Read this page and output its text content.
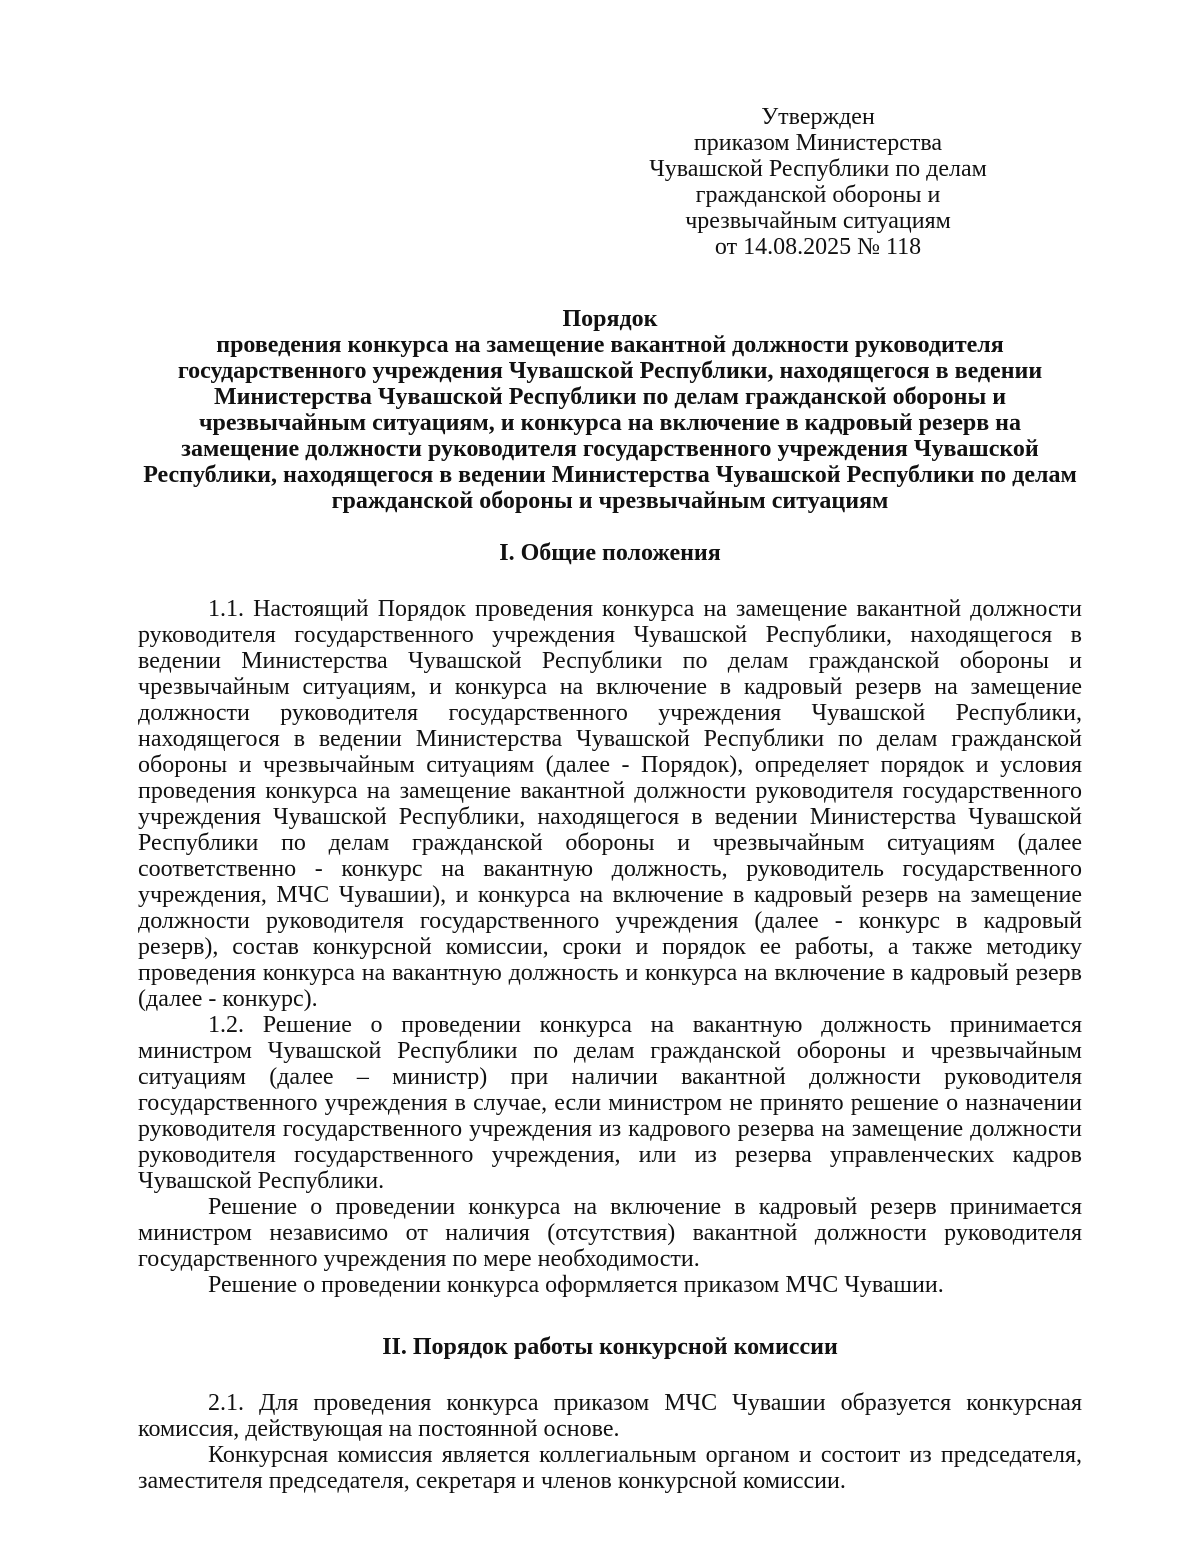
Утвержден
приказом Министерства
Чувашской Республики по делам
гражданской обороны и
чрезвычайным ситуациям
от 14.08.2025 № 118
Порядок
проведения конкурса на замещение вакантной должности руководителя государственного учреждения Чувашской Республики, находящегося в ведении Министерства Чувашской Республики по делам гражданской обороны и чрезвычайным ситуациям, и конкурса на включение в кадровый резерв на замещение должности руководителя государственного учреждения Чувашской Республики, находящегося в ведении Министерства Чувашской Республики по делам гражданской обороны и чрезвычайным ситуациям
I. Общие положения

1.1. Настоящий Порядок проведения конкурса на замещение вакантной должности руководителя государственного учреждения Чувашской Республики, находящегося в ведении Министерства Чувашской Республики по делам гражданской обороны и чрезвычайным ситуациям, и конкурса на включение в кадровый резерв на замещение должности руководителя государственного учреждения Чувашской Республики, находящегося в ведении Министерства Чувашской Республики по делам гражданской обороны и чрезвычайным ситуациям (далее - Порядок), определяет порядок и условия проведения конкурса на замещение вакантной должности руководителя государственного учреждения Чувашской Республики, находящегося в ведении Министерства Чувашской Республики по делам гражданской обороны и чрезвычайным ситуациям (далее соответственно - конкурс на вакантную должность, руководитель государственного учреждения, МЧС Чувашии), и конкурса на включение в кадровый резерв на замещение должности руководителя государственного учреждения (далее - конкурс в кадровый резерв), состав конкурсной комиссии, сроки и порядок ее работы, а также методику проведения конкурса на вакантную должность и конкурса на включение в кадровый резерв (далее - конкурс).

1.2. Решение о проведении конкурса на вакантную должность принимается министром Чувашской Республики по делам гражданской обороны и чрезвычайным ситуациям (далее – министр) при наличии вакантной должности руководителя государственного учреждения в случае, если министром не принято решение о назначении руководителя государственного учреждения из кадрового резерва на замещение должности руководителя государственного учреждения, или из резерва управленческих кадров Чувашской Республики.

Решение о проведении конкурса на включение в кадровый резерв принимается министром независимо от наличия (отсутствия) вакантной должности руководителя государственного учреждения по мере необходимости.

Решение о проведении конкурса оформляется приказом МЧС Чувашии.

II. Порядок работы конкурсной комиссии

2.1. Для проведения конкурса приказом МЧС Чувашии образуется конкурсная комиссия, действующая на постоянной основе.

Конкурсная комиссия является коллегиальным органом и состоит из председателя, заместителя председателя, секретаря и членов конкурсной комиссии.
